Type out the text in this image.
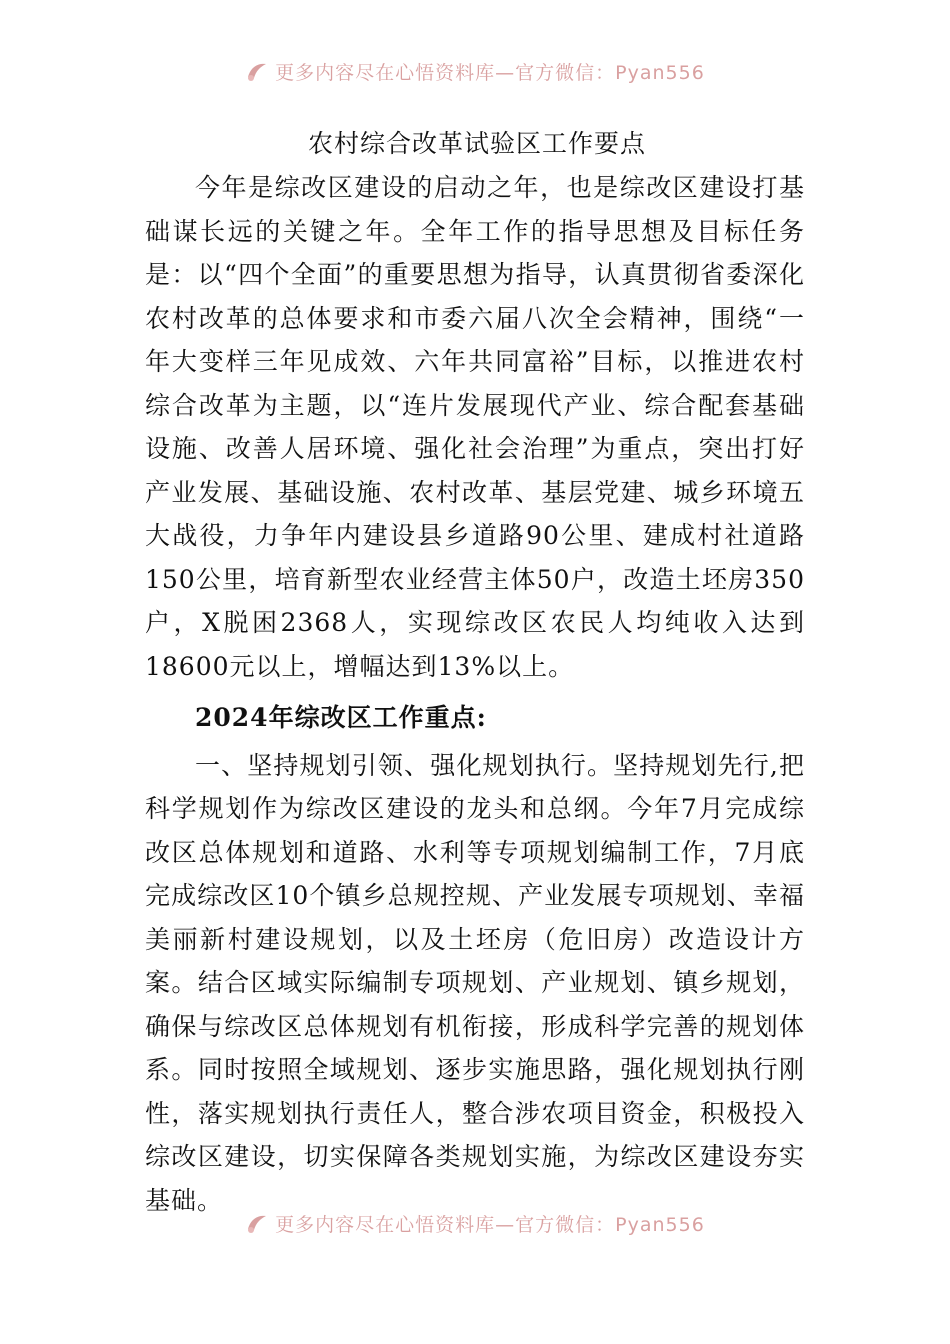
更多内容尽在心悟资料库—官方微信：Pyan556
农村综合改革试验区工作要点

今年是综改区建设的启动之年，也是综改区建设打基础谋长远的关键之年。全年工作的指导思想及目标任务是：以“四个全面”的重要思想为指导，认真贯彻省委深化农村改革的总体要求和市委六届八次全会精神，围绕“一年大变样三年见成效、六年共同富裕”目标，以推进农村综合改革为主题，以“连片发展现代产业、综合配套基础设施、改善人居环境、强化社会治理”为重点，突出打好产业发展、基础设施、农村改革、基层党建、城乡环境五大战役，力争年内建设县乡道路90公里、建成村社道路150公里，培育新型农业经营主体50户，改造土坯房350户，X脱困2368人，实现综改区农民人均纯收入达到18600元以上，增幅达到13%以上。

2024年综改区工作重点:

一、坚持规划引领、强化规划执行。坚持规划先行,把科学规划作为综改区建设的龙头和总纲。今年7月完成综改区总体规划和道路、水利等专项规划编制工作，7月底完成综改区10个镇乡总规控规、产业发展专项规划、幸福美丽新村建设规划，以及土坯房（危旧房）改造设计方案。结合区域实际编制专项规划、产业规划、镇乡规划，确保与综改区总体规划有机衔接，形成科学完善的规划体系。同时按照全域规划、逐步实施思路，强化规划执行刚性，落实规划执行责任人，整合涉农项目资金，积极投入综改区建设，切实保障各类规划实施，为综改区建设夯实基础。

更多内容尽在心悟资料库—官方微信：Pyan556
